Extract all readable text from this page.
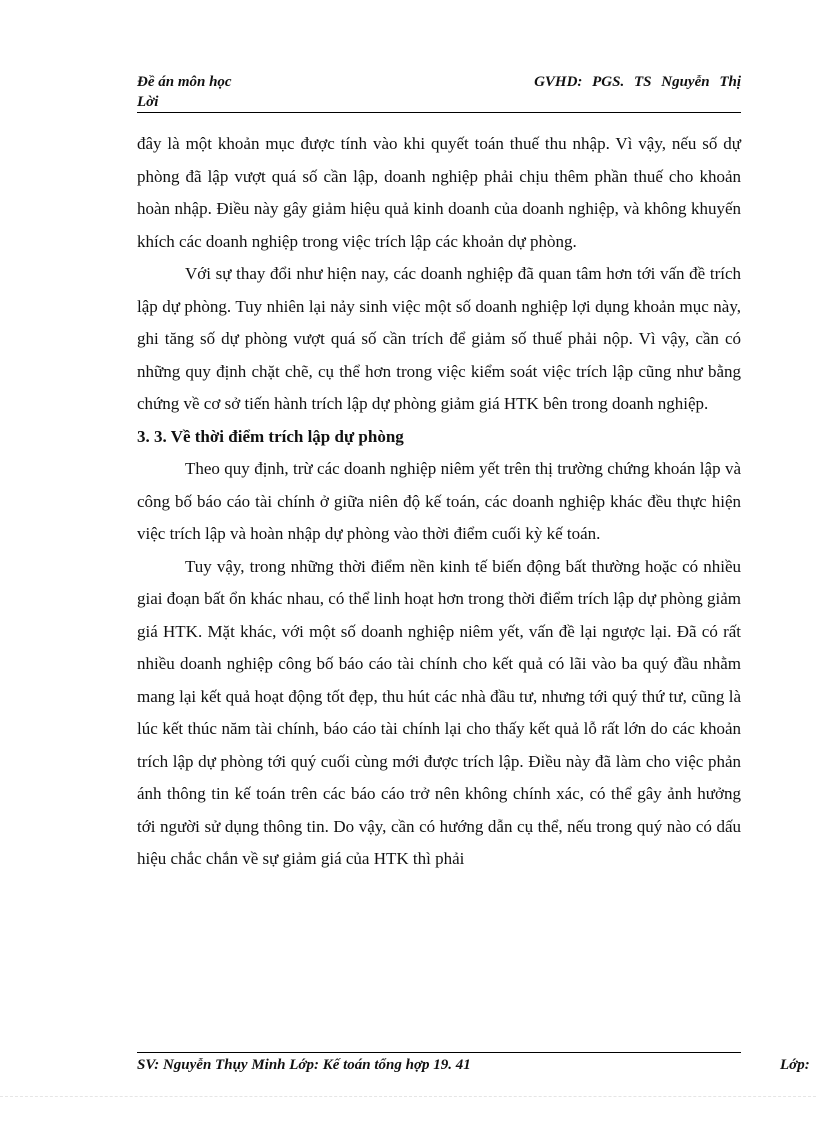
Đề án môn học
Lời
GVHD: PGS. TS Nguyễn Thị

đây là một khoản mục được tính vào khi quyết toán thuế thu nhập. Vì vậy, nếu số dự phòng đã lập vượt quá số cần lập, doanh nghiệp phải chịu thêm phần thuế cho khoản hoàn nhập. Điều này gây giảm hiệu quả kinh doanh của doanh nghiệp, và không khuyến khích các doanh nghiệp trong việc trích lập các khoản dự phòng.

Với sự thay đổi như hiện nay, các doanh nghiệp đã quan tâm hơn tới vấn đề trích lập dự phòng. Tuy nhiên lại nảy sinh việc một số doanh nghiệp lợi dụng khoản mục này, ghi tăng số dự phòng vượt quá số cần trích để giảm số thuế phải nộp. Vì vậy, cần có những quy định chặt chẽ, cụ thể hơn trong việc kiểm soát việc trích lập cũng như bằng chứng về cơ sở tiến hành trích lập dự phòng giảm giá HTK bên trong doanh nghiệp.

3. 3. Về thời điểm trích lập dự phòng

Theo quy định, trừ các doanh nghiệp niêm yết trên thị trường chứng khoán lập và công bố báo cáo tài chính ở giữa niên độ kế toán, các doanh nghiệp khác đều thực hiện việc trích lập và hoàn nhập dự phòng vào thời điểm cuối kỳ kế toán.

Tuy vậy, trong những thời điểm nền kinh tế biến động bất thường hoặc có nhiều giai đoạn bất ổn khác nhau, có thể linh hoạt hơn trong thời điểm trích lập dự phòng giảm giá HTK. Mặt khác, với một số doanh nghiệp niêm yết, vấn đề lại ngược lại. Đã có rất nhiều doanh nghiệp công bố báo cáo tài chính cho kết quả có lãi vào ba quý đầu nhằm mang lại kết quả hoạt động tốt đẹp, thu hút các nhà đầu tư, nhưng tới quý thứ tư, cũng là lúc kết thúc năm tài chính, báo cáo tài chính lại cho thấy kết quả lỗ rất lớn do các khoản trích lập dự phòng tới quý cuối cùng mới được trích lập. Điều này đã làm cho việc phản ánh thông tin kế toán trên các báo cáo trở nên không chính xác, có thể gây ảnh hưởng tới người sử dụng thông tin. Do vậy, cần có hướng dẫn cụ thể, nếu trong quý nào có dấu hiệu chắc chắn về sự giảm giá của HTK thì phải

SV: Nguyễn Thụy Minh Lớp: Kế toán tổng hợp 19. 41	Lớp:
